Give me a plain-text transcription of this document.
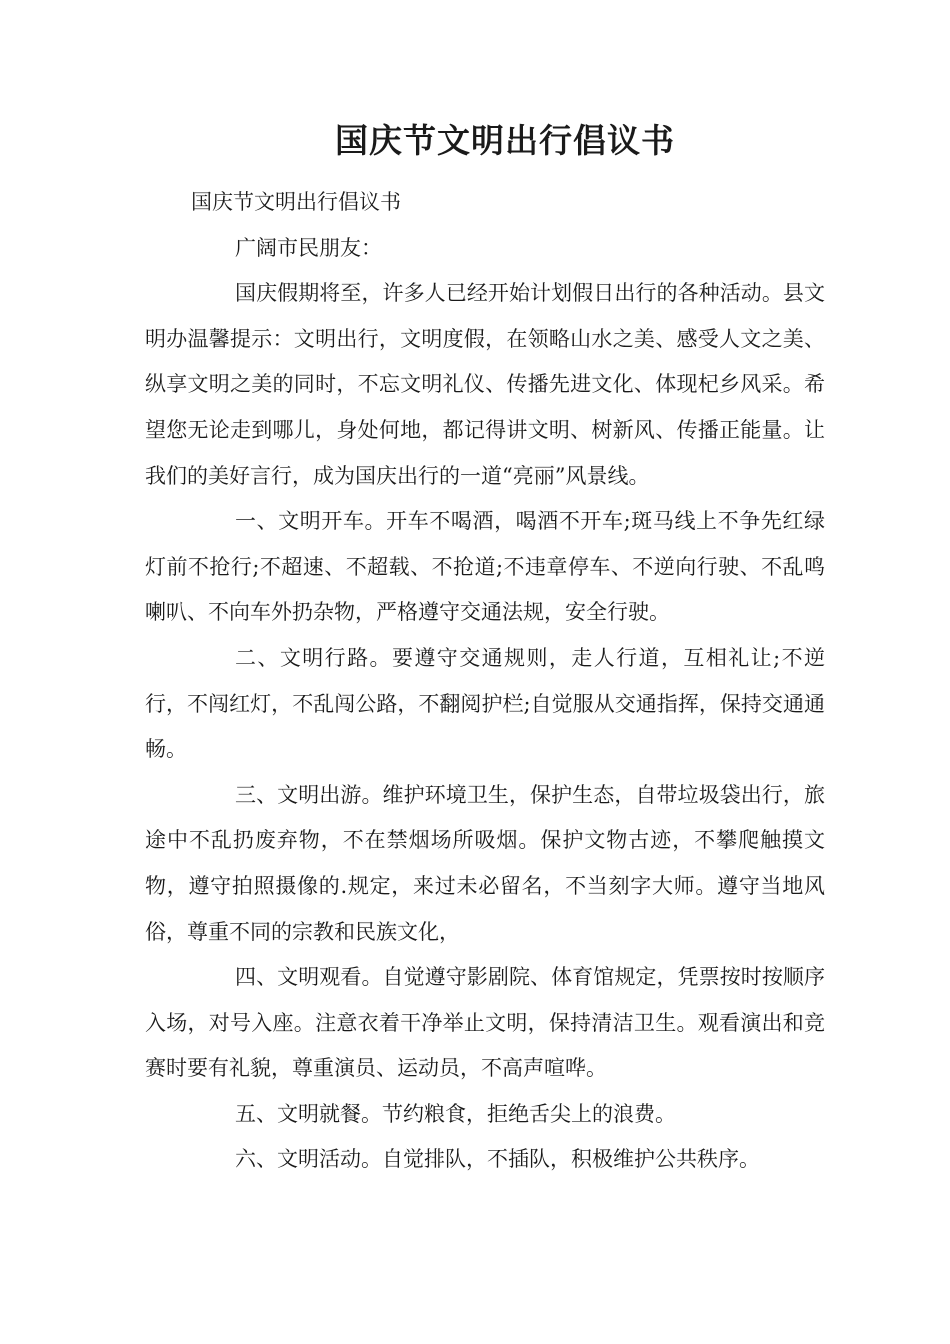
国庆节文明出行倡议书

国庆节文明出行倡议书

广阔市民朋友：

国庆假期将至，许多人已经开始计划假日出行的各种活动。县文明办温馨提示：文明出行，文明度假，在领略山水之美、感受人文之美、纵享文明之美的同时，不忘文明礼仪、传播先进文化、体现杞乡风采。希望您无论走到哪儿，身处何地，都记得讲文明、树新风、传播正能量。让我们的美好言行，成为国庆出行的一道“亮丽”风景线。

一、文明开车。开车不喝酒，喝酒不开车;斑马线上不争先红绿灯前不抢行;不超速、不超载、不抢道;不违章停车、不逆向行驶、不乱鸣喇叭、不向车外扔杂物，严格遵守交通法规，安全行驶。

二、文明行路。要遵守交通规则，走人行道，互相礼让;不逆行，不闯红灯，不乱闯公路，不翻阅护栏;自觉服从交通指挥，保持交通通畅。

三、文明出游。维护环境卫生，保护生态，自带垃圾袋出行，旅途中不乱扔废弃物，不在禁烟场所吸烟。保护文物古迹，不攀爬触摸文物，遵守拍照摄像的.规定，来过未必留名，不当刻字大师。遵守当地风俗，尊重不同的宗教和民族文化，

四、文明观看。自觉遵守影剧院、体育馆规定，凭票按时按顺序入场，对号入座。注意衣着干净举止文明，保持清洁卫生。观看演出和竞赛时要有礼貌，尊重演员、运动员，不高声喧哗。

五、文明就餐。节约粮食，拒绝舌尖上的浪费。

六、文明活动。自觉排队，不插队，积极维护公共秩序。
